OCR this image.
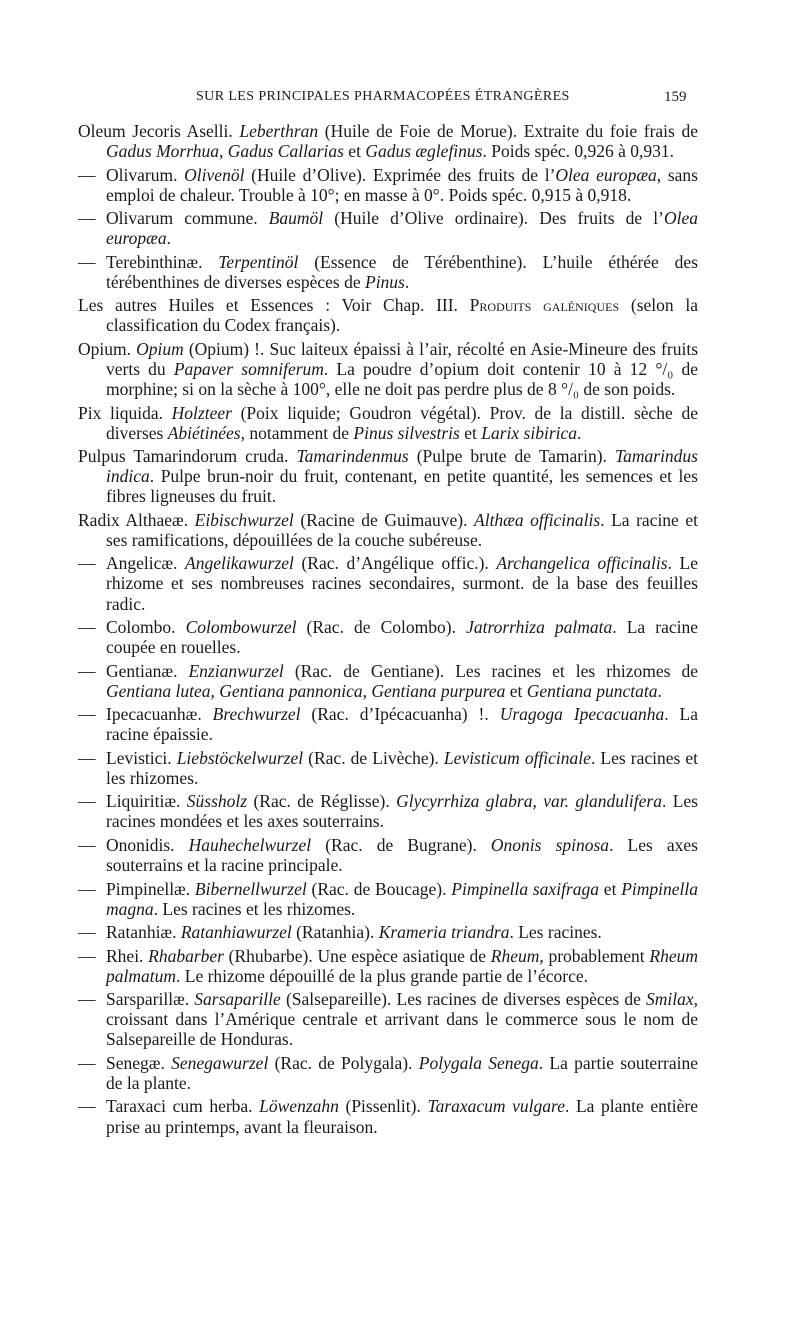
SUR LES PRINCIPALES PHARMACOPÉES ÉTRANGÈRES	159

Oleum Jecoris Aselli. Leberthran (Huile de Foie de Morue). Extraite du foie frais de Gadus Morrhua, Gadus Callarias et Gadus æglefinus. Poids spéc. 0,926 à 0,931.

— Olivarum. Olivenöl (Huile d’Olive). Exprimée des fruits de l’Olea europæa, sans emploi de chaleur. Trouble à 10°; en masse à 0°. Poids spéc. 0,915 à 0,918.

— Olivarum commune. Baumöl (Huile d’Olive ordinaire). Des fruits de l’Olea europæa.

— Terebinthinæ. Terpentinöl (Essence de Térébenthine). L’huile éthérée des térébenthines de diverses espèces de Pinus.

Les autres Huiles et Essences : Voir Chap. III. Produits galéniques (selon la classification du Codex français).

Opium. Opium (Opium) !. Suc laiteux épaissi à l’air, récolté en Asie-Mineure des fruits verts du Papaver somniferum. La poudre d’opium doit contenir 10 à 12 °/₀ de morphine; si on la sèche à 100°, elle ne doit pas perdre plus de 8 °/₀ de son poids.

Pix liquida. Holzteer (Poix liquide; Goudron végétal). Prov. de la distill. sèche de diverses Abiétinées, notamment de Pinus silvestris et Larix sibirica.

Pulpus Tamarindorum cruda. Tamarindenmus (Pulpe brute de Tamarin). Tamarindus indica. Pulpe brun-noir du fruit, contenant, en petite quantité, les semences et les fibres ligneuses du fruit.

Radix Althaeæ. Eibischwurzel (Racine de Guimauve). Althæa officinalis. La racine et ses ramifications, dépouillées de la couche subéreuse.

— Angelicæ. Angelikawurzel (Rac. d’Angélique offic.). Archangelica officinalis. Le rhizome et ses nombreuses racines secondaires, surmont. de la base des feuilles radic.

— Colombo. Colombowurzel (Rac. de Colombo). Jatrorrhiza palmata. La racine coupée en rouelles.

— Gentianæ. Enzianwurzel (Rac. de Gentiane). Les racines et les rhizomes de Gentiana lutea, Gentiana pannonica, Gentiana purpurea et Gentiana punctata.

— Ipecacuanhæ. Brechwurzel (Rac. d’Ipécacuanha) !. Uragoga Ipecacuanha. La racine épaissie.

— Levistici. Liebstöckelwurzel (Rac. de Livèche). Levisticum officinale. Les racines et les rhizomes.

— Liquiritiæ. Süssholz (Rac. de Réglisse). Glycyrrhiza glabra, var. glandulifera. Les racines mondées et les axes souterrains.

— Ononidis. Hauhechelwurzel (Rac. de Bugrane). Ononis spinosa. Les axes souterrains et la racine principale.

— Pimpinellæ. Bibernellwurzel (Rac. de Boucage). Pimpinella saxifraga et Pimpinella magna. Les racines et les rhizomes.

— Ratanhiæ. Ratanhiawurzel (Ratanhia). Krameria triandra. Les racines.

— Rhei. Rhabarber (Rhubarbe). Une espèce asiatique de Rheum, probablement Rheum palmatum. Le rhizome dépouillé de la plus grande partie de l’écorce.

— Sarsparillæ. Sarsaparille (Salsepareille). Les racines de diverses espèces de Smilax, croissant dans l’Amérique centrale et arrivant dans le commerce sous le nom de Salsepareille de Honduras.

— Senegæ. Senegawurzel (Rac. de Polygala). Polygala Senega. La partie souterraine de la plante.

— Taraxaci cum herba. Löwenzahn (Pissenlit). Taraxacum vulgare. La plante entière prise au printemps, avant la fleuraison.
